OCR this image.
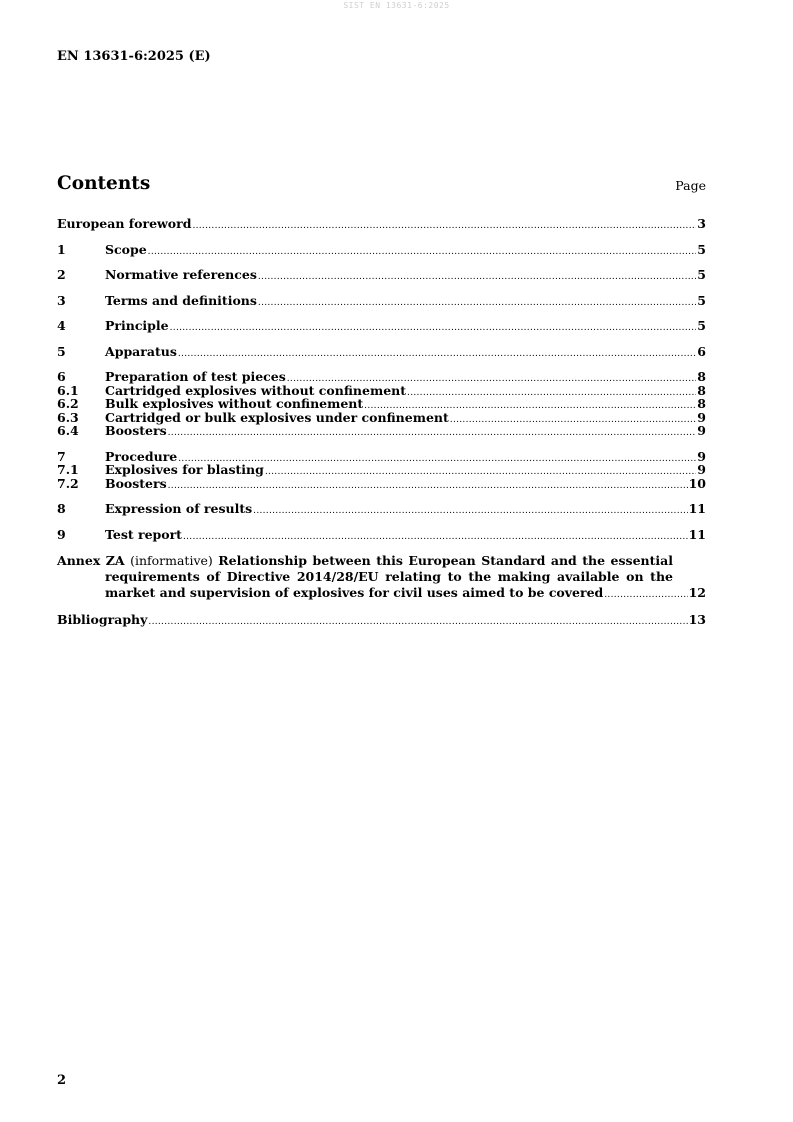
SIST EN 13631-6:2025
EN 13631-6:2025 (E)
Contents	Page
European foreword .....	3
1	Scope .....	5
2	Normative references .....	5
3	Terms and definitions .....	5
4	Principle .....	5
5	Apparatus .....	6
6	Preparation of test pieces .....	8
6.1	Cartridged explosives without confinement .....	8
6.2	Bulk explosives without confinement .....	8
6.3	Cartridged or bulk explosives under confinement .....	9
6.4	Boosters .....	9
7	Procedure .....	9
7.1	Explosives for blasting .....	9
7.2	Boosters .....	10
8	Expression of results .....	11
9	Test report .....	11
Annex ZA (informative) Relationship between this European Standard and the essential
requirements of Directive 2014/28/EU relating to the making available on the
market and supervision of explosives for civil uses aimed to be covered .....	12
Bibliography .....	13
2
